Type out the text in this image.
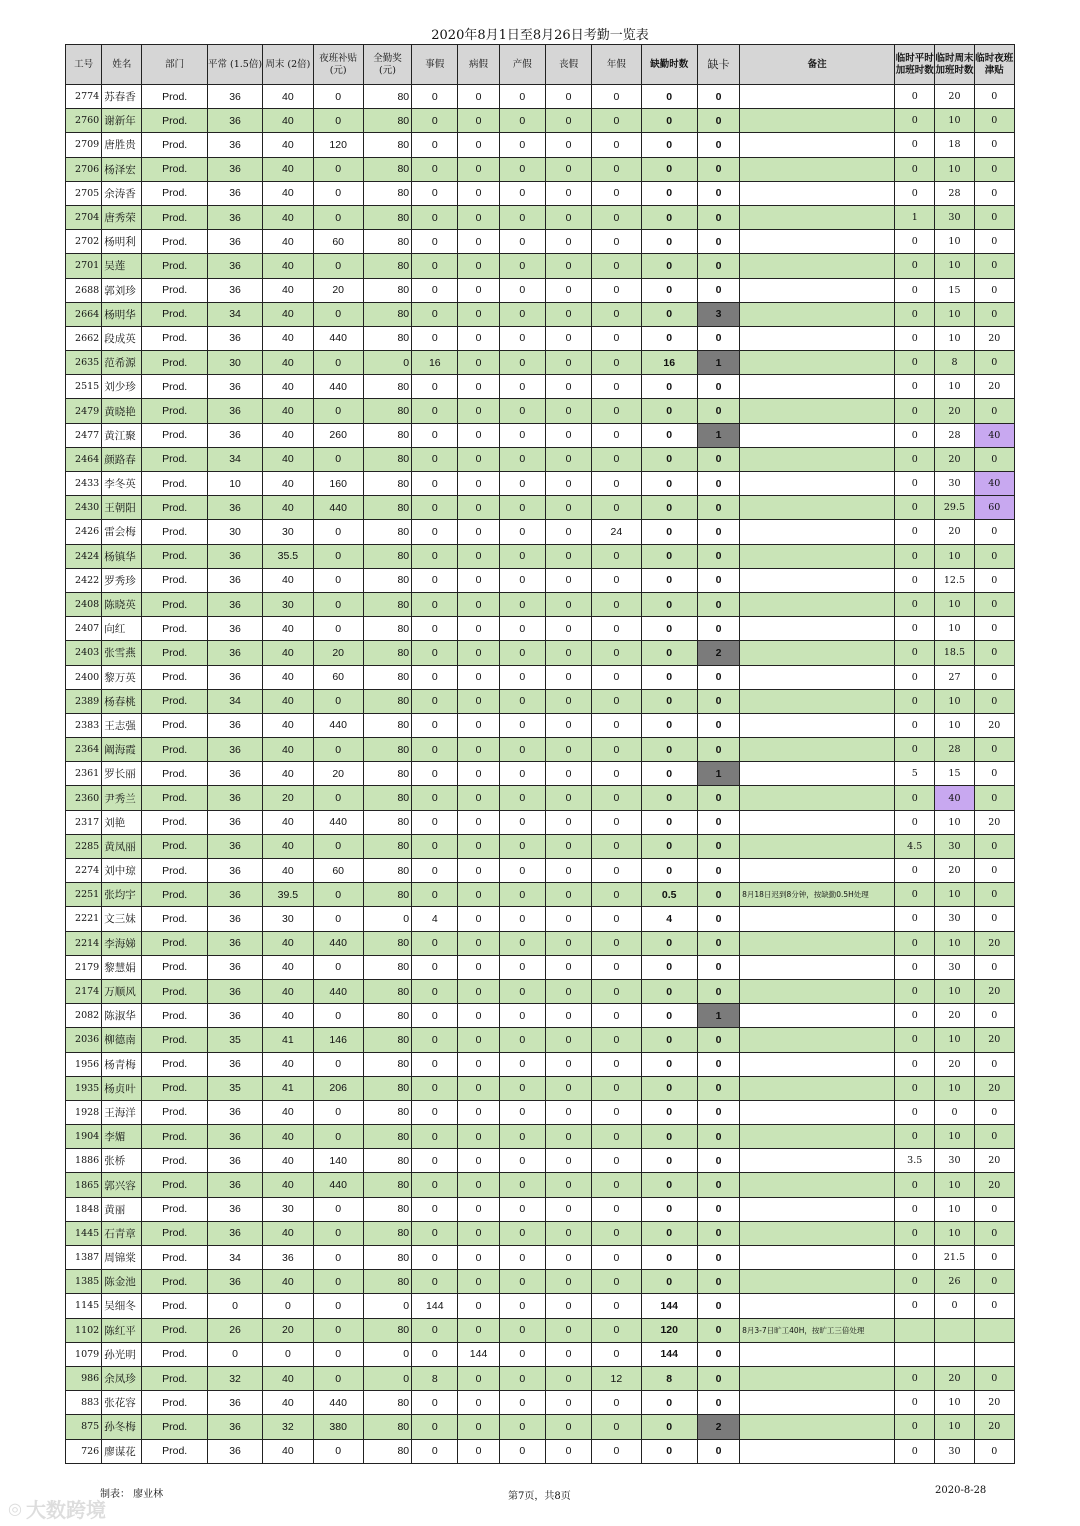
2020年8月1日至8月26日考勤一览表
工号	姓名	部门	平常 (1.5倍)	周末 (2倍)	夜班补贴 (元)	全勤奖 (元)	事假	病假	产假	丧假	年假	缺勤时数	缺卡	备注	临时平时加班时数	临时周末加班时数	临时夜班津贴
2774	苏春香	Prod.	36	40	0	80	0	0	0	0	0	0	0		0	20	0
2760	谢新年	Prod.	36	40	0	80	0	0	0	0	0	0	0		0	10	0
2709	唐胜贵	Prod.	36	40	120	80	0	0	0	0	0	0	0		0	18	0
2706	杨泽宏	Prod.	36	40	0	80	0	0	0	0	0	0	0		0	10	0
2705	余涛香	Prod.	36	40	0	80	0	0	0	0	0	0	0		0	28	0
2704	唐秀荣	Prod.	36	40	0	80	0	0	0	0	0	0	0		1	30	0
2702	杨明利	Prod.	36	40	60	80	0	0	0	0	0	0	0		0	10	0
2701	吴莲	Prod.	36	40	0	80	0	0	0	0	0	0	0		0	10	0
2688	郭刘珍	Prod.	36	40	20	80	0	0	0	0	0	0	0		0	15	0
2664	杨明华	Prod.	34	40	0	80	0	0	0	0	0	0	3		0	10	0
2662	段成英	Prod.	36	40	440	80	0	0	0	0	0	0	0		0	10	20
2635	范希源	Prod.	30	40	0	0	16	0	0	0	0	16	1		0	8	0
2515	刘少珍	Prod.	36	40	440	80	0	0	0	0	0	0	0		0	10	20
2479	黄晓艳	Prod.	36	40	0	80	0	0	0	0	0	0	0		0	20	0
2477	黄江聚	Prod.	36	40	260	80	0	0	0	0	0	0	1		0	28	40
2464	颜路春	Prod.	34	40	0	80	0	0	0	0	0	0	0		0	20	0
2433	李冬英	Prod.	10	40	160	80	0	0	0	0	0	0	0		0	30	40
2430	王朝阳	Prod.	36	40	440	80	0	0	0	0	0	0	0		0	29.5	60
2426	雷会梅	Prod.	30	30	0	80	0	0	0	0	24	0	0		0	20	0
2424	杨镇华	Prod.	36	35.5	0	80	0	0	0	0	0	0	0		0	10	0
2422	罗秀珍	Prod.	36	40	0	80	0	0	0	0	0	0	0		0	12.5	0
2408	陈晓英	Prod.	36	30	0	80	0	0	0	0	0	0	0		0	10	0
2407	向红	Prod.	36	40	0	80	0	0	0	0	0	0	0		0	10	0
2403	张雪燕	Prod.	36	40	20	80	0	0	0	0	0	0	2		0	18.5	0
2400	黎万英	Prod.	36	40	60	80	0	0	0	0	0	0	0		0	27	0
2389	杨春桃	Prod.	34	40	0	80	0	0	0	0	0	0	0		0	10	0
2383	王志强	Prod.	36	40	440	80	0	0	0	0	0	0	0		0	10	20
2364	阚海霞	Prod.	36	40	0	80	0	0	0	0	0	0	0		0	28	0
2361	罗长丽	Prod.	36	40	20	80	0	0	0	0	0	0	1		5	15	0
2360	尹秀兰	Prod.	36	20	0	80	0	0	0	0	0	0	0		0	40	0
2317	刘艳	Prod.	36	40	440	80	0	0	0	0	0	0	0		0	10	20
2285	黄凤丽	Prod.	36	40	0	80	0	0	0	0	0	0	0		4.5	30	0
2274	刘中琼	Prod.	36	40	60	80	0	0	0	0	0	0	0		0	20	0
2251	张均宇	Prod.	36	39.5	0	80	0	0	0	0	0	0.5	0	8月18日迟到8分钟，按缺勤0.5H处理	0	10	0
2221	文三妹	Prod.	36	30	0	0	4	0	0	0	0	4	0		0	30	0
2214	李海娣	Prod.	36	40	440	80	0	0	0	0	0	0	0		0	10	20
2179	黎慧娟	Prod.	36	40	0	80	0	0	0	0	0	0	0		0	30	0
2174	万顺风	Prod.	36	40	440	80	0	0	0	0	0	0	0		0	10	20
2082	陈淑华	Prod.	36	40	0	80	0	0	0	0	0	0	1		0	20	0
2036	柳德南	Prod.	35	41	146	80	0	0	0	0	0	0	0		0	10	20
1956	杨青梅	Prod.	36	40	0	80	0	0	0	0	0	0	0		0	20	0
1935	杨贞叶	Prod.	35	41	206	80	0	0	0	0	0	0	0		0	10	20
1928	王海洋	Prod.	36	40	0	80	0	0	0	0	0	0	0		0	0	0
1904	李媚	Prod.	36	40	0	80	0	0	0	0	0	0	0		0	10	0
1886	张桥	Prod.	36	40	140	80	0	0	0	0	0	0	0		3.5	30	20
1865	郭兴容	Prod.	36	40	440	80	0	0	0	0	0	0	0		0	10	20
1848	黄丽	Prod.	36	30	0	80	0	0	0	0	0	0	0		0	10	0
1445	石青章	Prod.	36	40	0	80	0	0	0	0	0	0	0		0	10	0
1387	周锦棠	Prod.	34	36	0	80	0	0	0	0	0	0	0		0	21.5	0
1385	陈金池	Prod.	36	40	0	80	0	0	0	0	0	0	0		0	26	0
1145	吴细冬	Prod.	0	0	0	0	144	0	0	0	0	144	0		0	0	0
1102	陈红平	Prod.	26	20	0	80	0	0	0	0	0	120	0	8月3-7日旷工40H，按旷工三倍处理			
1079	孙光明	Prod.	0	0	0	0	0	144	0	0	0	144	0				
986	余凤珍	Prod.	32	40	0	0	8	0	0	0	12	8	0		0	20	0
883	张花容	Prod.	36	40	440	80	0	0	0	0	0	0	0		0	10	20
875	孙冬梅	Prod.	36	32	380	80	0	0	0	0	0	0	2		0	10	20
726	廖谋花	Prod.	36	40	0	80	0	0	0	0	0	0	0		0	30	0
制表： 廖业林	第7页，共8页
2020-8-28
◎ 大数跨境
